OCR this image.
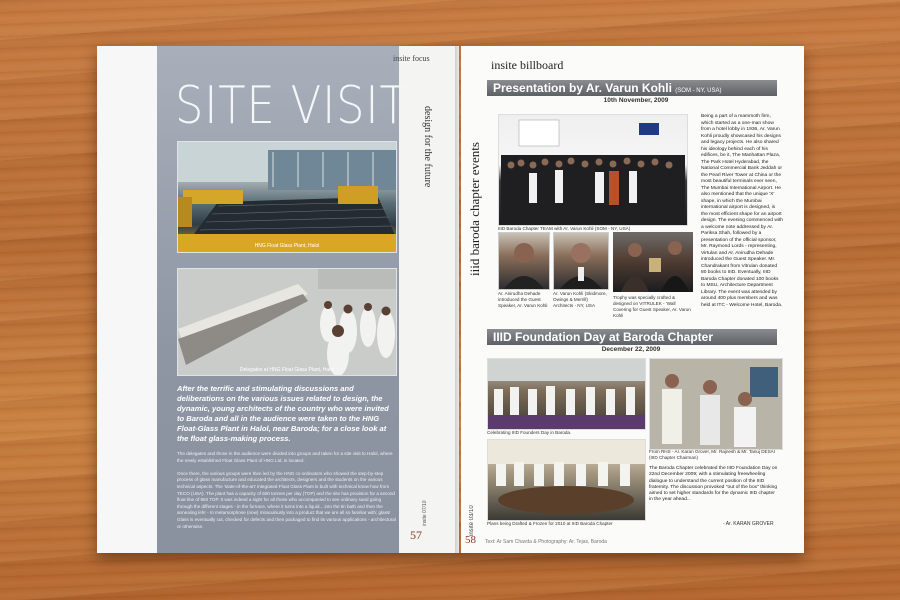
insite focus
design for the future
SITE VISIT
HNG Float Glass Plant, Halol
Delegates at HNG Float Glass Plant, Halol
After the terrific and stimulating discussions and deliberations on the various issues related to design, the dynamic, young architects of the country who were invited to Baroda and all in the audience were taken to the HNG Float-Glass Plant in Halol, near Baroda; for a close look at the float glass-making process.
The delegates and those in the audience were divided into groups and taken for a site visit to Halol, where the newly established Float Glass Plant of HNG Ltd. is located.

Once there, the various groups were then led by the HNG co-ordinators who showed the step-by-step process of glass manufacture and educated the architects, designers and the students on the various technical aspects. The 'state-of-the-art' integrated Float Glass Plant is built with technical know how from TECO (USA). The plant has a capacity of 600 tonnes per day (TDP) and the site has provision for a second float line of 850 TDP. It was indeed a sight for all those who accompanied to see ordinary sand going through the different stages - in the furnace, where it turns into a liquid... into the tin bath and then the annealing lehr - to metamorphose (now) miraculously into a product that we are all so familiar with; glass! Glass is eventually cut, checked for defects and then packaged to find its various applications - architectural or otherwise.
insite 07/10
57
insite billboard
iiid baroda chapter events
Presentation by Ar. Varun Kohli (SOM - NY, USA)
10th November, 2009
IIID Baroda Chapter TEAM with Ar. Varun Kohli (SOM - NY, USA)
Ar. Anirudha Dehade introduced the Guest Speaker, Ar. Varun Kohli
Ar. Varun Kohli (Skidmore, Owings & Merrill) Architects - NY, USA
Trophy was specially crafted & designed on VITRULEK - 'Wall Covering for Guest Speaker, Ar. Varun Kohli
Being a part of a mammoth firm, which started as a one-man show from a hotel lobby in 1936, Ar. Varun Kohli proudly showcased his designs and legacy projects. He also shared his ideology behind each of his edifices, be it, The Manhattan Plaza, The Park Hotel Hyderabad, the National Commercial Bank Jeddah or the Pearl River Tower at China or the most beautiful terminals ever seen, The Mumbai International Airport. He also mentioned that the unique 'X' shape, in which the Mumbai international airport is designed, is the most efficient shape for an airport design. The evening commenced with a welcome note addressed by Ar. Pariksa Shah, followed by a presentation of the official sponsor, Mr. Raymond Lords - representing, Virtulan and Ar. Anirudha Dehade introduced the Guest Speaker. Mr. Chandrakant from Vitrulan donated 80 books to IIID. Eventually, IIID Baroda Chapter donated 100 books to MSU, Architecture Department Library. The event was attended by around 400 plus members and was held at ITC - Welcome Hotel, Baroda.
IIID Foundation Day at Baroda Chapter
December 22, 2009
Celebrating IIID Founders Day in Baroda.
From RHS - Ar. Karan Grover, Mr. Rajnesh & Mr. Tanuj DESAI (IIID Chapter Chairman)
Plans being Drafted & Frozen for 2010 at IIID Baroda Chapter
The Baroda Chapter celebrated the IIID Foundation Day on 22nd December 2009; with a stimulating freewheeling dialogue to understand the current position of the IIID fraternity. The discussion provoked "out of the box" thinking aimed to set higher standards for the dynamic IIID chapter in the year ahead...
- Ar. KARAN GROVER
insite 03/10
58 Text: Ar Sam Chavda & Photography: Ar. Tejas, Baroda
